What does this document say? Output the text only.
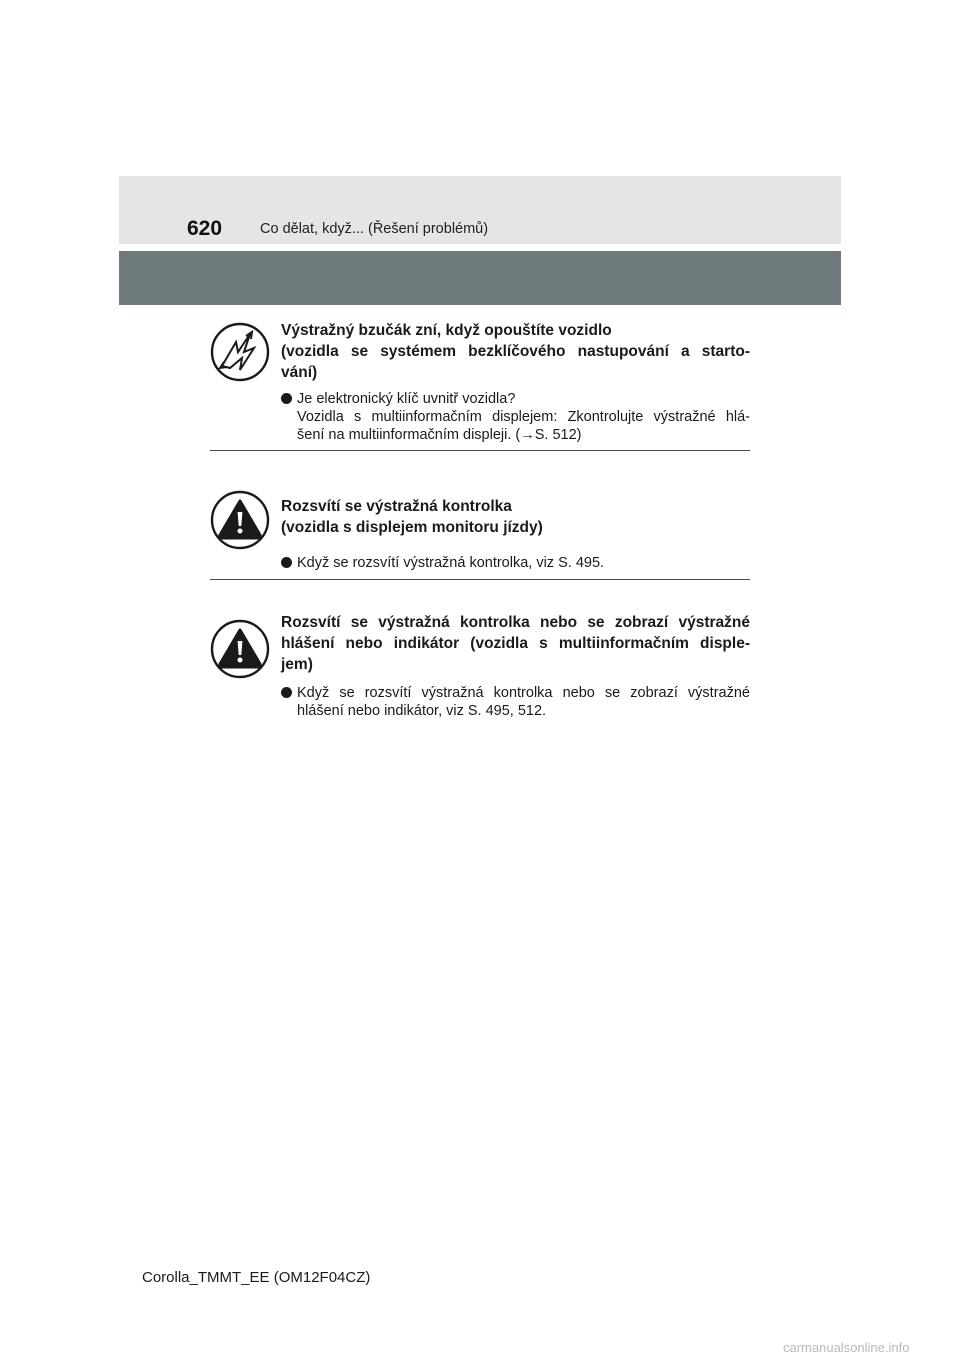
620	Co dělat, když... (Řešení problémů)
Výstražný bzučák zní, když opouštíte vozidlo
(vozidla se systémem bezklíčového nastupování a starto-
vání)
Je elektronický klíč uvnitř vozidla?
Vozidla s multiinformačním displejem: Zkontrolujte výstražné hlá-
šení na multiinformačním displeji. (→S. 512)
Rozsvítí se výstražná kontrolka
(vozidla s displejem monitoru jízdy)
Když se rozsvítí výstražná kontrolka, viz S. 495.
Rozsvítí se výstražná kontrolka nebo se zobrazí výstražné
hlášení nebo indikátor (vozidla s multiinformačním disple-
jem)
Když se rozsvítí výstražná kontrolka nebo se zobrazí výstražné
hlášení nebo indikátor, viz S. 495, 512.
Corolla_TMMT_EE (OM12F04CZ)
carmanualsonline.info
